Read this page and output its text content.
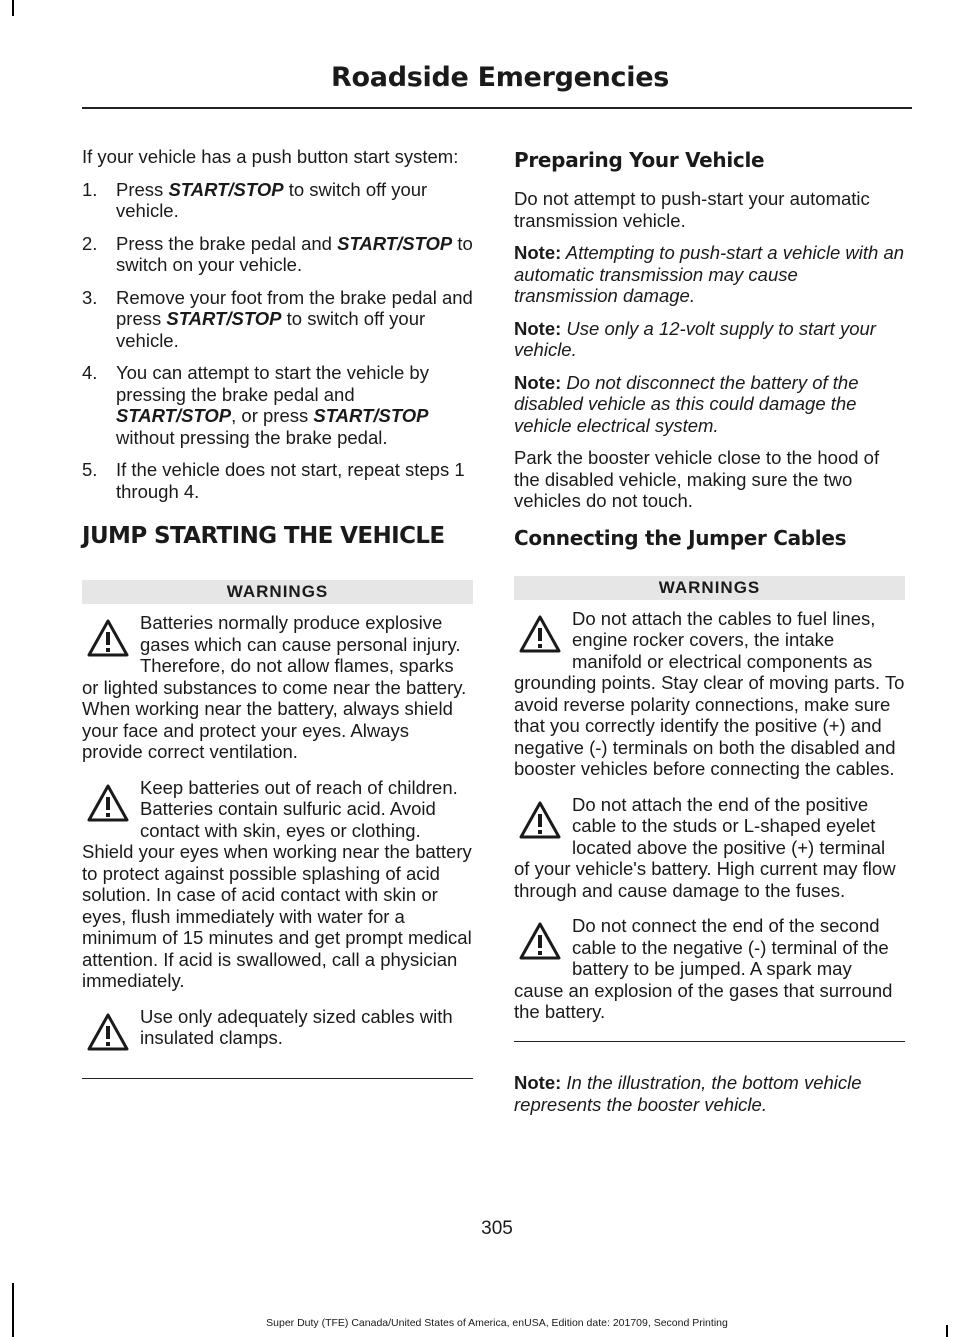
Roadside Emergencies

If your vehicle has a push button start system:

1. Press START/STOP to switch off your vehicle.
2. Press the brake pedal and START/STOP to switch on your vehicle.
3. Remove your foot from the brake pedal and press START/STOP to switch off your vehicle.
4. You can attempt to start the vehicle by pressing the brake pedal and START/STOP, or press START/STOP without pressing the brake pedal.
5. If the vehicle does not start, repeat steps 1 through 4.
JUMP STARTING THE VEHICLE
WARNINGS
Batteries normally produce explosive gases which can cause personal injury. Therefore, do not allow flames, sparks or lighted substances to come near the battery. When working near the battery, always shield your face and protect your eyes. Always provide correct ventilation.
Keep batteries out of reach of children. Batteries contain sulfuric acid. Avoid contact with skin, eyes or clothing. Shield your eyes when working near the battery to protect against possible splashing of acid solution. In case of acid contact with skin or eyes, flush immediately with water for a minimum of 15 minutes and get prompt medical attention. If acid is swallowed, call a physician immediately.
Use only adequately sized cables with insulated clamps.
Preparing Your Vehicle

Do not attempt to push-start your automatic transmission vehicle.

Note: Attempting to push-start a vehicle with an automatic transmission may cause transmission damage.

Note: Use only a 12-volt supply to start your vehicle.

Note: Do not disconnect the battery of the disabled vehicle as this could damage the vehicle electrical system.

Park the booster vehicle close to the hood of the disabled vehicle, making sure the two vehicles do not touch.

Connecting the Jumper Cables
WARNINGS
Do not attach the cables to fuel lines, engine rocker covers, the intake manifold or electrical components as grounding points. Stay clear of moving parts. To avoid reverse polarity connections, make sure that you correctly identify the positive (+) and negative (-) terminals on both the disabled and booster vehicles before connecting the cables.
Do not attach the end of the positive cable to the studs or L-shaped eyelet located above the positive (+) terminal of your vehicle's battery. High current may flow through and cause damage to the fuses.
Do not connect the end of the second cable to the negative (-) terminal of the battery to be jumped. A spark may cause an explosion of the gases that surround the battery.

Note: In the illustration, the bottom vehicle represents the booster vehicle.

305
Super Duty (TFE) Canada/United States of America, enUSA, Edition date: 201709, Second Printing
